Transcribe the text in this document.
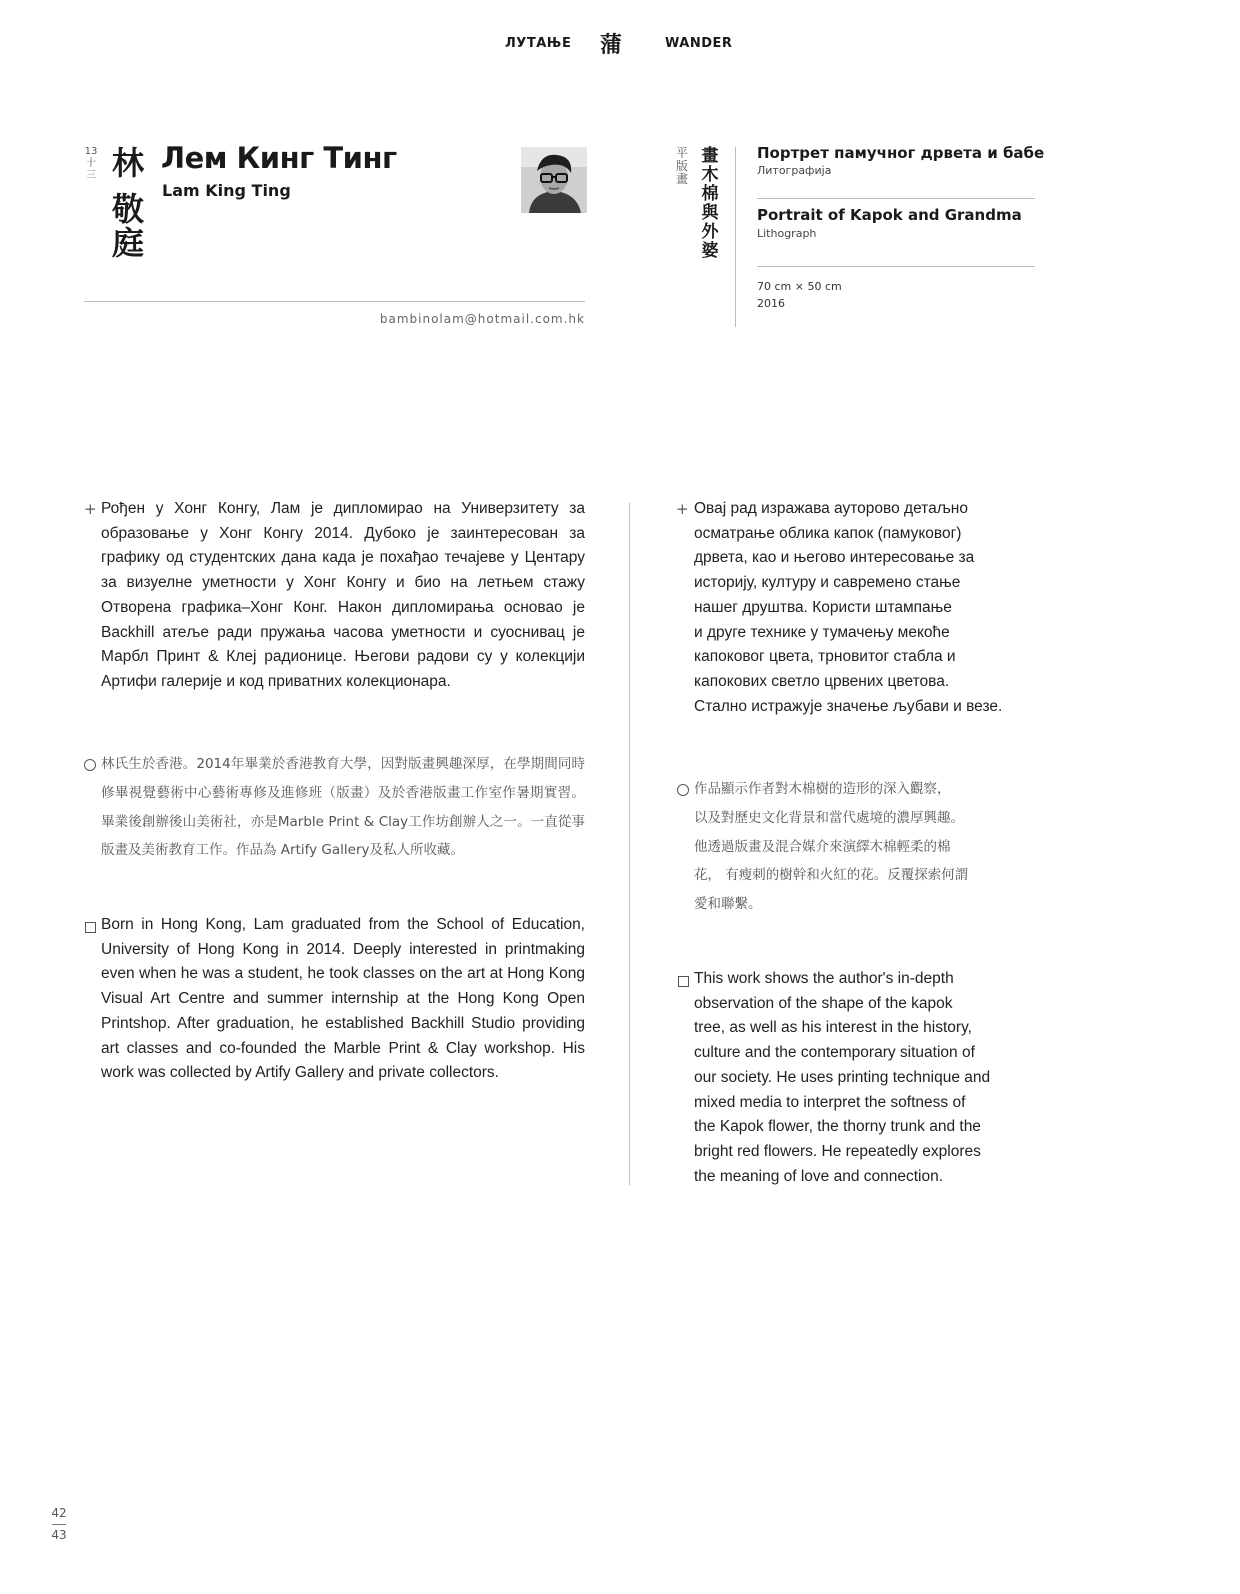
ЛУТАЊЕ 蒲	WANDER
13
十三 林
敬
庭
Лем Кинг Тинг
Lam King Ting
bambinolam@hotmail.com.hk
平
版
畫
畫
木
棉
與
外
婆
Портрет памучног дрвета и бабе
Литографија
Portrait of Kapok and Grandma
Lithograph
70 cm × 50 cm
2016
+ Рођен у Хонг Конгу, Лам је дипломирао на Универзитету за образовање у Хонг Конгу 2014. Дубоко је заинтересован за графику од студентских дана када је похађао течајеве у Центару за визуелне уметности у Хонг Конгу и био на летњем стажу Отворена графика–Хонг Конг. Након дипломирања основао је Backhill атеље ради пружања часова уметности и суоснивац је Марбл Принт & Клеј радионице. Његови радови су у колекцији Артифи галерије и код приватних колекционара.
林氏生於香港。2014年畢業於香港教育大學，因對版畫興趣深厚，在學期間同時修畢視覺藝術中心藝術專修及進修班（版畫）及於香港版畫工作室作暑期實習。畢業後創辦後山美術社，亦是Marble Print & Clay工作坊創辦人之一。一直從事版畫及美術教育工作。作品為 Artify Gallery及私人所收藏。
Born in Hong Kong, Lam graduated from the School of Education, University of Hong Kong in 2014. Deeply interested in printmaking even when he was a student, he took classes on the art at Hong Kong Visual Art Centre and summer internship at the Hong Kong Open Printshop. After graduation, he established Backhill Studio providing art classes and co-founded the Marble Print & Clay workshop. His work was collected by Artify Gallery and private collectors.
+ Овај рад изражава ауторово детаљно
осматрање облика капок (памуковог)
дрвета, као и његово интересовање за
историју, културу и савремено стање
нашег друштва. Користи штампање
и друге технике у тумачењу мекоће
капоковог цвета, трновитог стабла и
капокових светло црвених цветова.
Стално истражује значење љубави и везе.
作品顯示作者對木棉樹的造形的深入觀察，
以及對歷史文化背景和當代處境的濃厚興趣。
他透過版畫及混合媒介來演繹木棉輕柔的棉
花， 有瘦刺的樹幹和火紅的花。反覆探索何謂
愛和聯繫。
This work shows the author's in-depth
observation of the shape of the kapok
tree, as well as his interest in the history,
culture and the contemporary situation of
our society. He uses printing technique and
mixed media to interpret the softness of
the Kapok flower, the thorny trunk and the
bright red flowers. He repeatedly explores
the meaning of love and connection.
42
43
